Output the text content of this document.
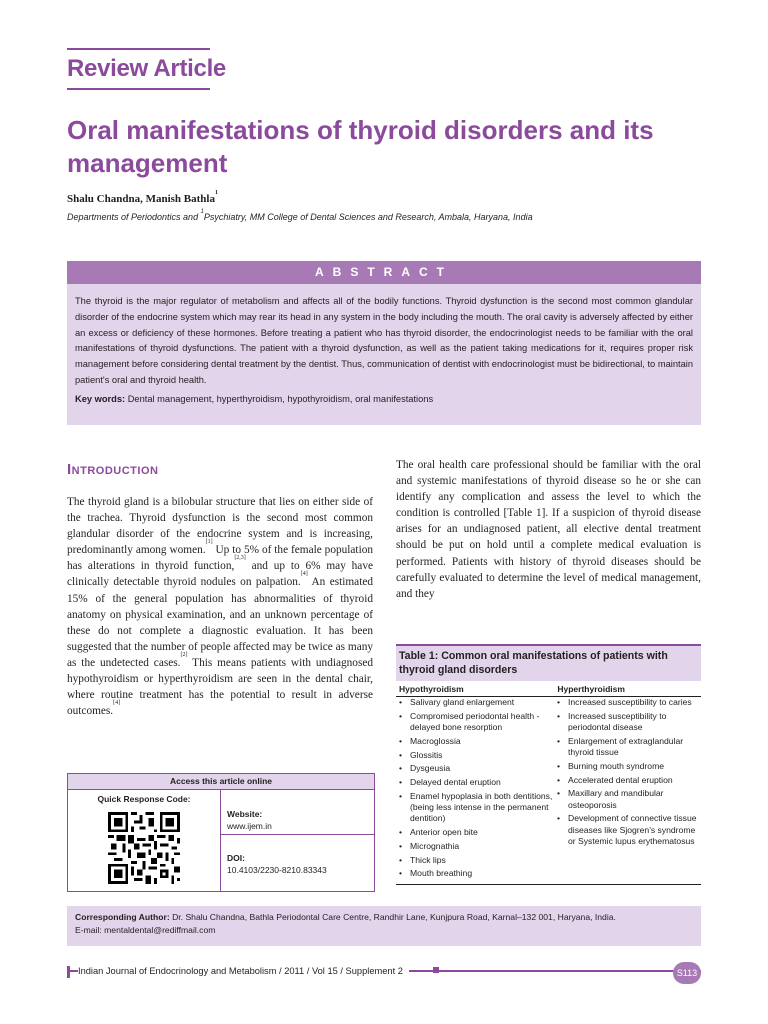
Review Article
Oral manifestations of thyroid disorders and its management
Shalu Chandna, Manish Bathla$^1$
Departments of Periodontics and $^1$Psychiatry, MM College of Dental Sciences and Research, Ambala, Haryana, India
ABSTRACT
The thyroid is the major regulator of metabolism and affects all of the bodily functions. Thyroid dysfunction is the second most common glandular disorder of the endocrine system which may rear its head in any system in the body including the mouth. The oral cavity is adversely affected by either an excess or deficiency of these hormones. Before treating a patient who has thyroid disorder, the endocrinologist needs to be familiar with the oral manifestations of thyroid dysfunctions. The patient with a thyroid dysfunction, as well as the patient taking medications for it, requires proper risk management before considering dental treatment by the dentist. Thus, communication of dentist with endocrinologist must be bidirectional, to maintain patient's oral and thyroid health.
Key words: Dental management, hyperthyroidism, hypothyroidism, oral manifestations
Introduction
The thyroid gland is a bilobular structure that lies on either side of the trachea. Thyroid dysfunction is the second most common glandular disorder of the endocrine system and is increasing, predominantly among women.[1] Up to 5% of the female population has alterations in thyroid function,[2,3] and up to 6% may have clinically detectable thyroid nodules on palpation.[4] An estimated 15% of the general population has abnormalities of thyroid anatomy on physical examination, and an unknown percentage of these do not complete a diagnostic evaluation. It has been suggested that the number of people affected may be twice as many as the undetected cases.[2] This means patients with undiagnosed hypothyroidism or hyperthyroidism are seen in the dental chair, where routine treatment has the potential to result in adverse outcomes.[4]
Access this article online
Quick Response Code:
Website:
www.ijem.in
DOI:
10.4103/2230-8210.83343
The oral health care professional should be familiar with the oral and systemic manifestations of thyroid disease so he or she can identify any complication and assess the level to which the condition is controlled [Table 1]. If a suspicion of thyroid disease arises for an undiagnosed patient, all elective dental treatment should be put on hold until a complete medical evaluation is performed. Patients with history of thyroid diseases should be carefully evaluated to determine the level of medical management, and they
Table 1: Common oral manifestations of patients with thyroid gland disorders
Hypothyroidism	Hyperthyroidism
• Salivary gland enlargement
• Compromised periodontal health - delayed bone resorption
• Macroglossia
• Glossitis
• Dysgeusia
• Delayed dental eruption
• Enamel hypoplasia in both dentitions, (being less intense in the permanent dentition)
• Anterior open bite
• Micrognathia
• Thick lips
• Mouth breathing
• Increased susceptibility to caries
• Increased susceptibility to periodontal disease
• Enlargement of extraglandular thyroid tissue
• Burning mouth syndrome
• Accelerated dental eruption
• Maxillary and mandibular osteoporosis
• Development of connective tissue diseases like Sjogren's syndrome or Systemic lupus erythematosus
Corresponding Author: Dr. Shalu Chandna, Bathla Periodontal Care Centre, Randhir Lane, Kunjpura Road, Karnal–132 001, Haryana, India.
E-mail: mentaldental@rediffmail.com
Indian Journal of Endocrinology and Metabolism / 2011 / Vol 15 / Supplement 2	S113
